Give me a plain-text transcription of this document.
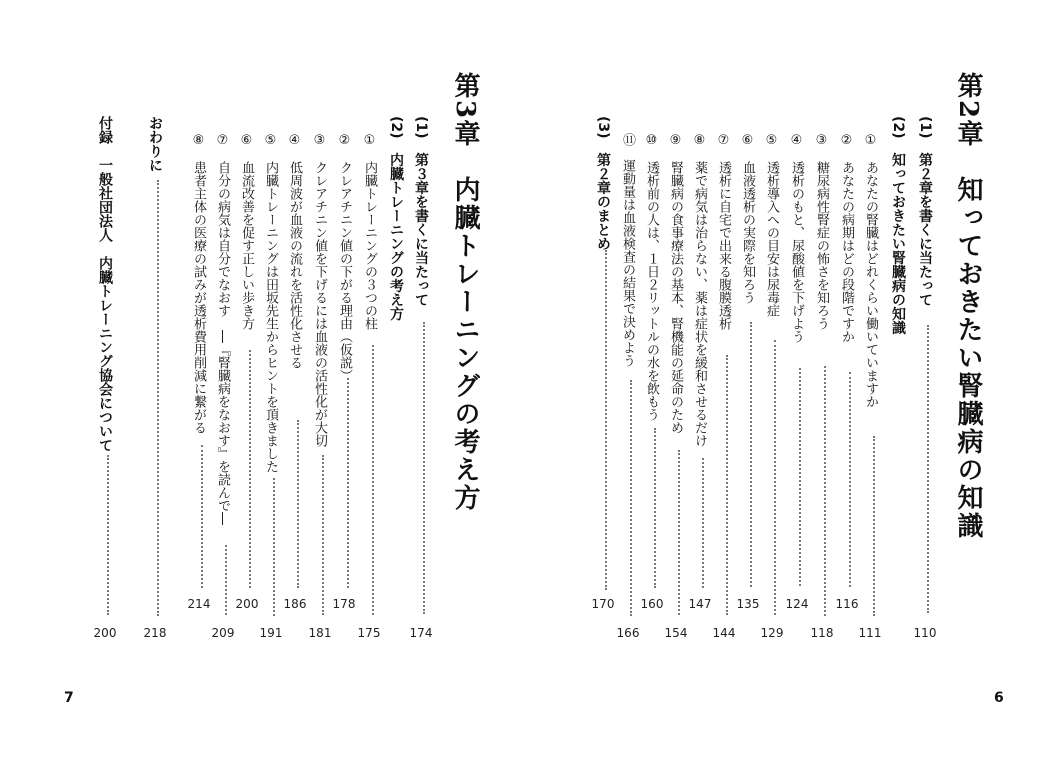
第2章　知っておきたい腎臓病の知識
(1)　第２章を書くに当たって
(2)　知っておきたい腎臓病の知識
①　あなたの腎臓はどれくらい働いていますか
②　あなたの病期はどの段階ですか
③　糖尿病性腎症の怖さを知ろう
④　透析のもと、尿酸値を下げよう
⑤　透析導入への目安は尿毒症
⑥　血液透析の実際を知ろう
⑦　透析に自宅で出来る腹膜透析
⑧　薬で病気は治らない、薬は症状を緩和させるだけ
⑨　腎臓病の食事療法の基本、腎機能の延命のため
⑩　透析前の人は、１日２リットルの水を飲もう
⑪　運動量は血液検査の結果で決めよう
(3)　第２章のまとめ
110
111
116
118
124
129
135
144
147
154
160
166
170
6
第3章　内臓トレーニングの考え方
(1)　第３章を書くに当たって
(2)　内臓トレーニングの考え方
①　内臓トレーニングの３つの柱
②　クレアチニン値の下がる理由（仮説）
③　クレアチニン値を下げるには血液の活性化が大切
④　低周波が血液の流れを活性化させる
⑤　内臓トレーニングは田坂先生からヒントを頂きました
⑥　血流改善を促す正しい歩き方
⑦　自分の病気は自分でなおす　―『腎臓病をなおす』を読んで―
⑧　患者主体の医療の試みが透析費用削減に繋がる
おわりに
付録　一般社団法人　内臓トレーニング協会について
174
175
178
181
186
191
200
209
214
218
200
7
